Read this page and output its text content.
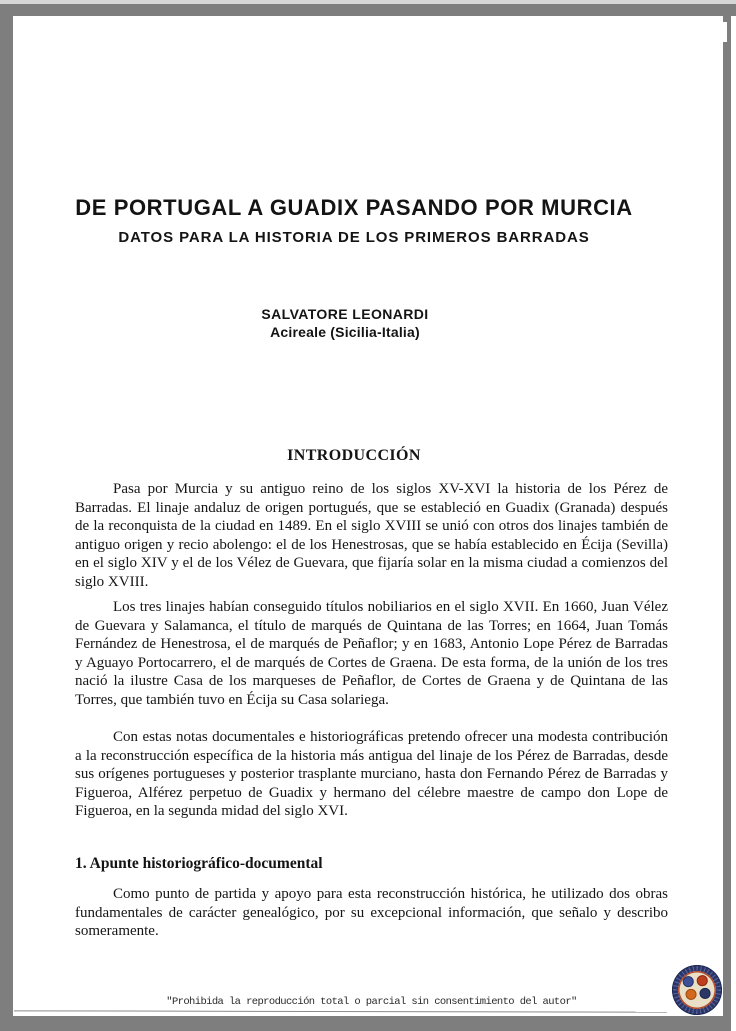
DE PORTUGAL A GUADIX PASANDO POR MURCIA
DATOS PARA LA HISTORIA DE LOS PRIMEROS BARRADAS
SALVATORE LEONARDI
Acireale (Sicilia-Italia)
INTRODUCCIÓN

Pasa por Murcia y su antiguo reino de los siglos XV-XVI la historia de los Pérez de Barradas. El linaje andaluz de origen portugués, que se estableció en Guadix (Granada) después de la reconquista de la ciudad en 1489. En el siglo XVIII se unió con otros dos linajes también de antiguo origen y recio abolengo: el de los Henestrosas, que se había establecido en Écija (Sevilla) en el siglo XIV y el de los Vélez de Guevara, que fijaría solar en la misma ciudad a comienzos del siglo XVIII.

Los tres linajes habían conseguido títulos nobiliarios en el siglo XVII. En 1660, Juan Vélez de Guevara y Salamanca, el título de marqués de Quintana de las Torres; en 1664, Juan Tomás Fernández de Henestrosa, el de marqués de Peñaflor; y en 1683, Antonio Lope Pérez de Barradas y Aguayo Portocarrero, el de marqués de Cortes de Graena. De esta forma, de la unión de los tres nació la ilustre Casa de los marqueses de Peñaflor, de Cortes de Graena y de Quintana de las Torres, que también tuvo en Écija su Casa solariega.

Con estas notas documentales e historiográficas pretendo ofrecer una modesta contribución a la reconstrucción específica de la historia más antigua del linaje de los Pérez de Barradas, desde sus orígenes portugueses y posterior trasplante murciano, hasta don Fernando Pérez de Barradas y Figueroa, Alférez perpetuo de Guadix y hermano del célebre maestre de campo don Lope de Figueroa, en la segunda midad del siglo XVI.

1. Apunte historiográfico-documental

Como punto de partida y apoyo para esta reconstrucción histórica, he utilizado dos obras fundamentales de carácter genealógico, por su excepcional información, que señalo y describo someramente.

"Prohibida la reproducción total o parcial sin consentimiento del autor"
